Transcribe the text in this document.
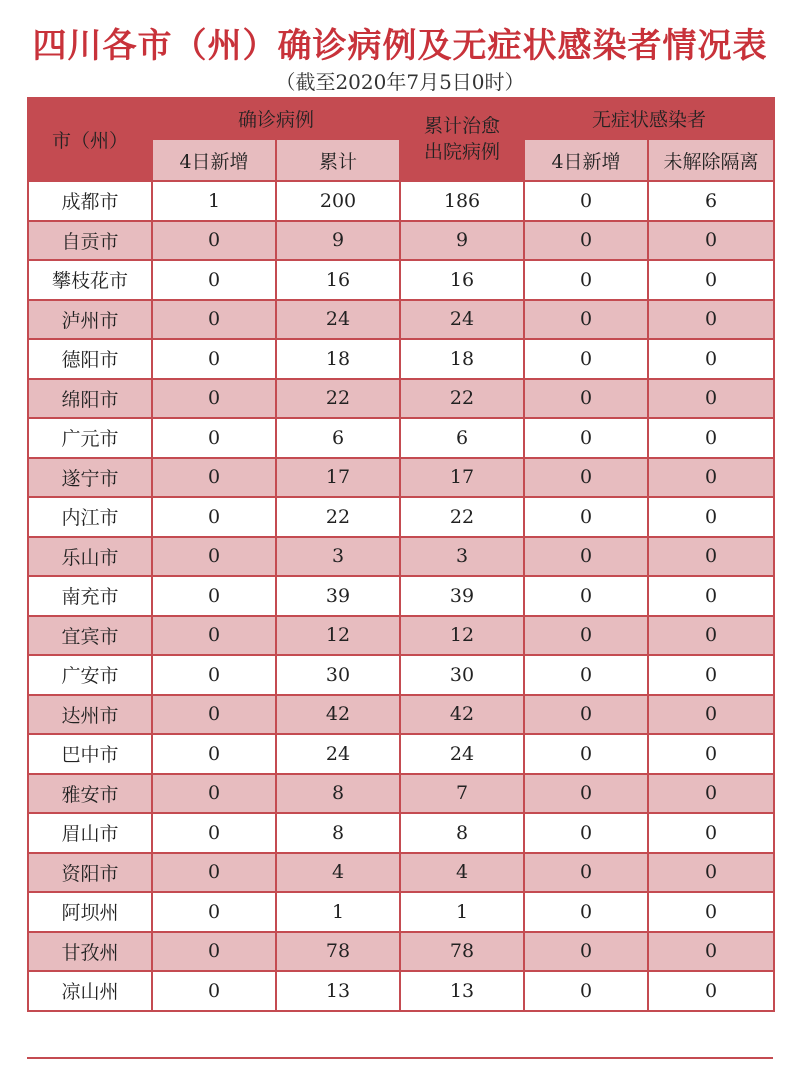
四川各市（州）确诊病例及无症状感染者情况表
（截至2020年7月5日0时）
市（州）	确诊病例		累计治愈出院病例	无症状感染者	
	4日新增	累计		4日新增	未解除隔离
成都市	1	200	186	0	6
自贡市	0	9	9	0	0
攀枝花市	0	16	16	0	0
泸州市	0	24	24	0	0
德阳市	0	18	18	0	0
绵阳市	0	22	22	0	0
广元市	0	6	6	0	0
遂宁市	0	17	17	0	0
内江市	0	22	22	0	0
乐山市	0	3	3	0	0
南充市	0	39	39	0	0
宜宾市	0	12	12	0	0
广安市	0	30	30	0	0
达州市	0	42	42	0	0
巴中市	0	24	24	0	0
雅安市	0	8	7	0	0
眉山市	0	8	8	0	0
资阳市	0	4	4	0	0
阿坝州	0	1	1	0	0
甘孜州	0	78	78	0	0
凉山州	0	13	13	0	0
